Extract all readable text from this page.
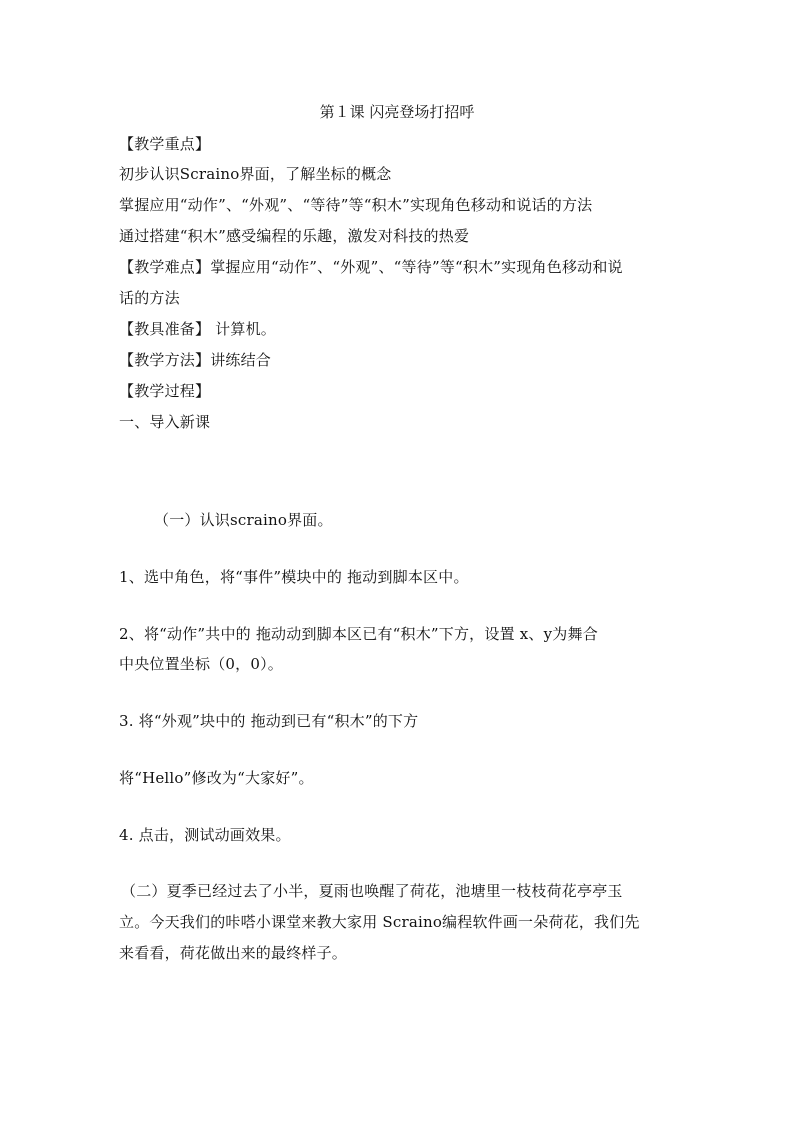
第１课 闪亮登场打招呼
【教学重点】
初步认识Scraino界面，了解坐标的概念
掌握应用“动作”、“外观”、“等待”等“积木”实现角色移动和说话的方法
通过搭建“积木”感受编程的乐趣，激发对科技的热爱
【教学难点】掌握应用“动作”、“外观”、“等待”等“积木”实现角色移动和说
话的方法
【教具准备】 计算机。
【教学方法】讲练结合
【教学过程】
一、导入新课
（一）认识scraino界面。
1、选中角色，将“事件”模块中的 拖动到脚本区中。
2、将“动作”共中的 拖动动到脚本区已有“积木”下方，设置 x、y为舞合
中央位置坐标（0，0）。
3. 将“外观”块中的 拖动到已有“积木”的下方
将“Hello”修改为“大家好”。
4. 点击，测试动画效果。
（二）夏季已经过去了小半，夏雨也唤醒了荷花，池塘里一枝枝荷花亭亭玉
立。今天我们的咔嗒小课堂来教大家用 Scraino编程软件画一朵荷花，我们先
来看看，荷花做出来的最终样子。
